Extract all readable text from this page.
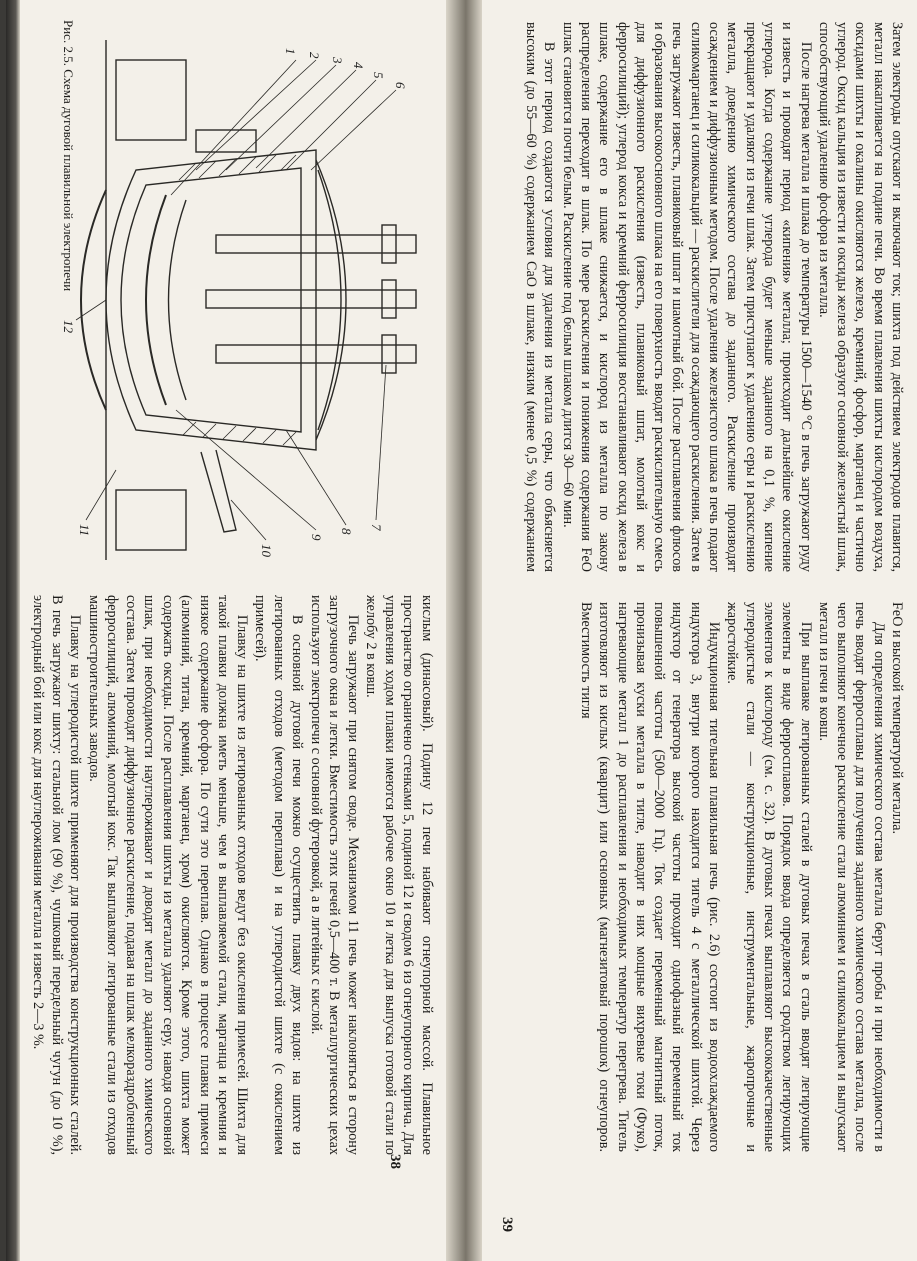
1
2
3
4
5
6
7
8
9
10
11
12
Рис. 2.5. Схема дуговой плавильной электропечи

кислым (динасовый). Подину 12 печи набивают огнеупорной массой. Плавильное пространство ограничено стенками 5, подиной 12 и сводом 6 из огнеупорного кирпича. Для управления ходом плавки имеются рабочее окно 10 и летка для выпуска готовой стали по желобу 2 в ковш.

Печь загружают при снятом своде. Механизмом 11 печь может наклоняться в сторону загрузочного окна и летки. Вместимость этих печей 0,5—400 т. В металлургических цехах используют электропечи с основной футеровкой, а в литейных с кислой.

В основной дуговой печи можно осуществить плавку двух видов: на шихте из легированных отходов (методом переплава) и на углеродистой шихте (с окислением примесей).

Плавку на шихте из легированных отходов ведут без окисления примесей. Шихта для такой плавки должна иметь меньше, чем в выплавляемой стали, марганца и кремния и низкое содержание фосфора. По сути это переплав. Однако в процессе плавки примеси (алюминий, титан, кремний, марганец, хром) окисляются. Кроме этого, шихта может содержать оксиды. После расплавления шихты из металла удаляют серу, наводя основной шлак, при необходимости науглероживают и доводят металл до заданного химического состава. Затем проводят диффузионное раскисление, подавая на шлак мелкораздробленный ферросилиций, алюминий, молотый кокс. Так выплавляют легированные стали из отходов машиностроительных заводов.

Плавку на углеродистой шихте применяют для производства конструкционных сталей. В печь загружают шихту: стальной лом (90 %), чушковый передельный чугун (до 10 %), электродный бой или кокс для науглероживания металла и известь 2—3 %.

38

Затем электроды опускают и включают ток; шихта под действием электродов плавится, металл накапливается на подине печи. Во время плавления шихты кислородом воздуха, оксидами шихты и окалины окисляются железо, кремний, фосфор, марганец и частично углерод. Оксид кальция из извести и оксиды железа образуют основной железистый шлак, способствующий удалению фосфора из металла.

После нагрева металла и шлака до температуры 1500—1540 °С в печь загружают руду и известь и проводят период «кипения» металла; происходит дальнейшее окисление углерода. Когда содержание углерода будет меньше заданного на 0,1 %, кипение прекращают и удаляют из печи шлак. Затем приступают к удалению серы и раскислению металла, доведению химического состава до заданного. Раскисление производят осаждением и диффузионным методом. После удаления железистого шлака в печь подают силикомарганец и силикокальций — раскислители для осаждающего раскисления. Затем в печь загружают известь, плавиковый шпат и шамотный бой. После расплавления флюсов и образования высокоосновного шлака на его поверхность вводят раскислительную смесь для диффузионного раскисления (известь, плавиковый шпат, молотый кокс и ферросилиций); углерод кокса и кремний ферросилиция восстанавливают оксид железа в шлаке, содержание его в шлаке снижается, и кислород из металла по закону распределения переходит в шлак. По мере раскисления и понижения содержания FeO шлак становится почти белым. Раскисление под белым шлаком длится 30—60 мин.

В этот период создаются условия для удаления из металла серы, что объясняется высоким (до 55—60 %) содержанием CaO в шлаке, низким (менее 0,5 %) содержанием FeO и высокой температурой металла.

Для определения химического состава металла берут пробы и при необходимости в печь вводят ферросплавы для получения заданного химического состава металла, после чего выполняют конечное раскисление стали алюминием и силикокальцием и выпускают металл из печи в ковш.

При выплавке легированных сталей в дуговых печах в сталь вводят легирующие элементы в виде ферросплавов. Порядок ввода определяется сродством легирующих элементов к кислороду (см. с. 32). В дуговых печах выплавляют высококачественные углеродистые стали — конструкционные, инструментальные, жаропрочные и жаростойкие.

Индукционная тигельная плавильная печь (рис. 2.6) состоит из водоохлаждаемого индуктора 3, внутри которого находится тигель 4 с металлической шихтой. Через индуктор от генератора высокой частоты проходит однофазный переменный ток повышенной частоты (500—2000 Гц). Ток создает переменный магнитный поток, пронизывая куски металла в тигле, наводит в них мощные вихревые токи (Фуко), нагревающие металл 1 до расплавления и необходимых температур перегрева. Тигель изготовляют из кислых (кварцит) или основных (магнезитовый порошок) огнеупоров. Вместимость тигля

39
